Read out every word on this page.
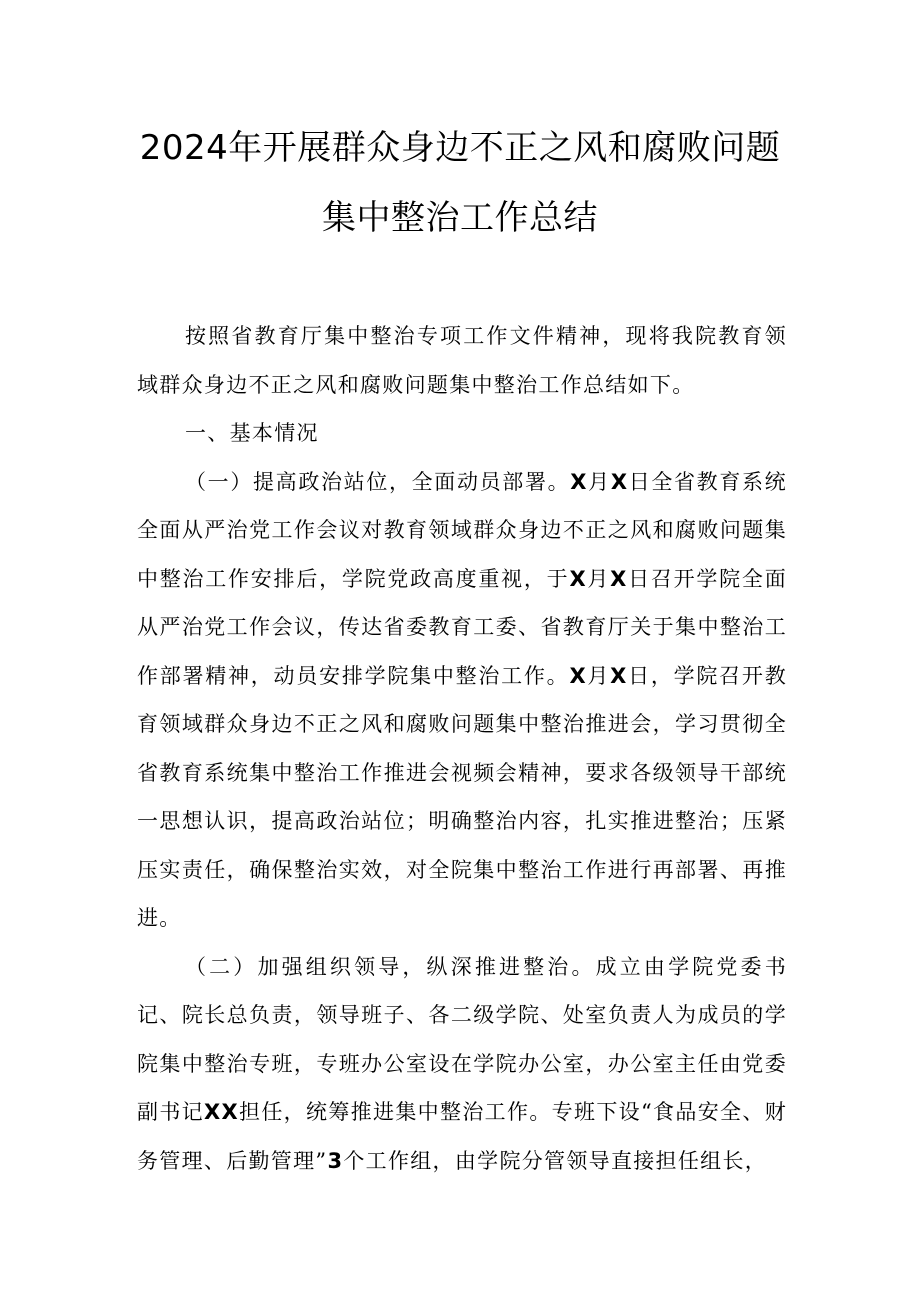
2024年开展群众身边不正之风和腐败问题
集中整治工作总结

按照省教育厅集中整治专项工作文件精神，现将我院教育领域群众身边不正之风和腐败问题集中整治工作总结如下。

一、基本情况

（一）提高政治站位，全面动员部署。X月X日全省教育系统全面从严治党工作会议对教育领域群众身边不正之风和腐败问题集中整治工作安排后，学院党政高度重视，于X月X日召开学院全面从严治党工作会议，传达省委教育工委、省教育厅关于集中整治工作部署精神，动员安排学院集中整治工作。X月X日，学院召开教育领域群众身边不正之风和腐败问题集中整治推进会，学习贯彻全省教育系统集中整治工作推进会视频会精神，要求各级领导干部统一思想认识，提高政治站位；明确整治内容，扎实推进整治；压紧压实责任，确保整治实效，对全院集中整治工作进行再部署、再推进。

（二）加强组织领导，纵深推进整治。成立由学院党委书记、院长总负责，领导班子、各二级学院、处室负责人为成员的学院集中整治专班，专班办公室设在学院办公室，办公室主任由党委副书记XX担任，统筹推进集中整治工作。专班下设“食品安全、财务管理、后勤管理”3个工作组，由学院分管领导直接担任组长，
